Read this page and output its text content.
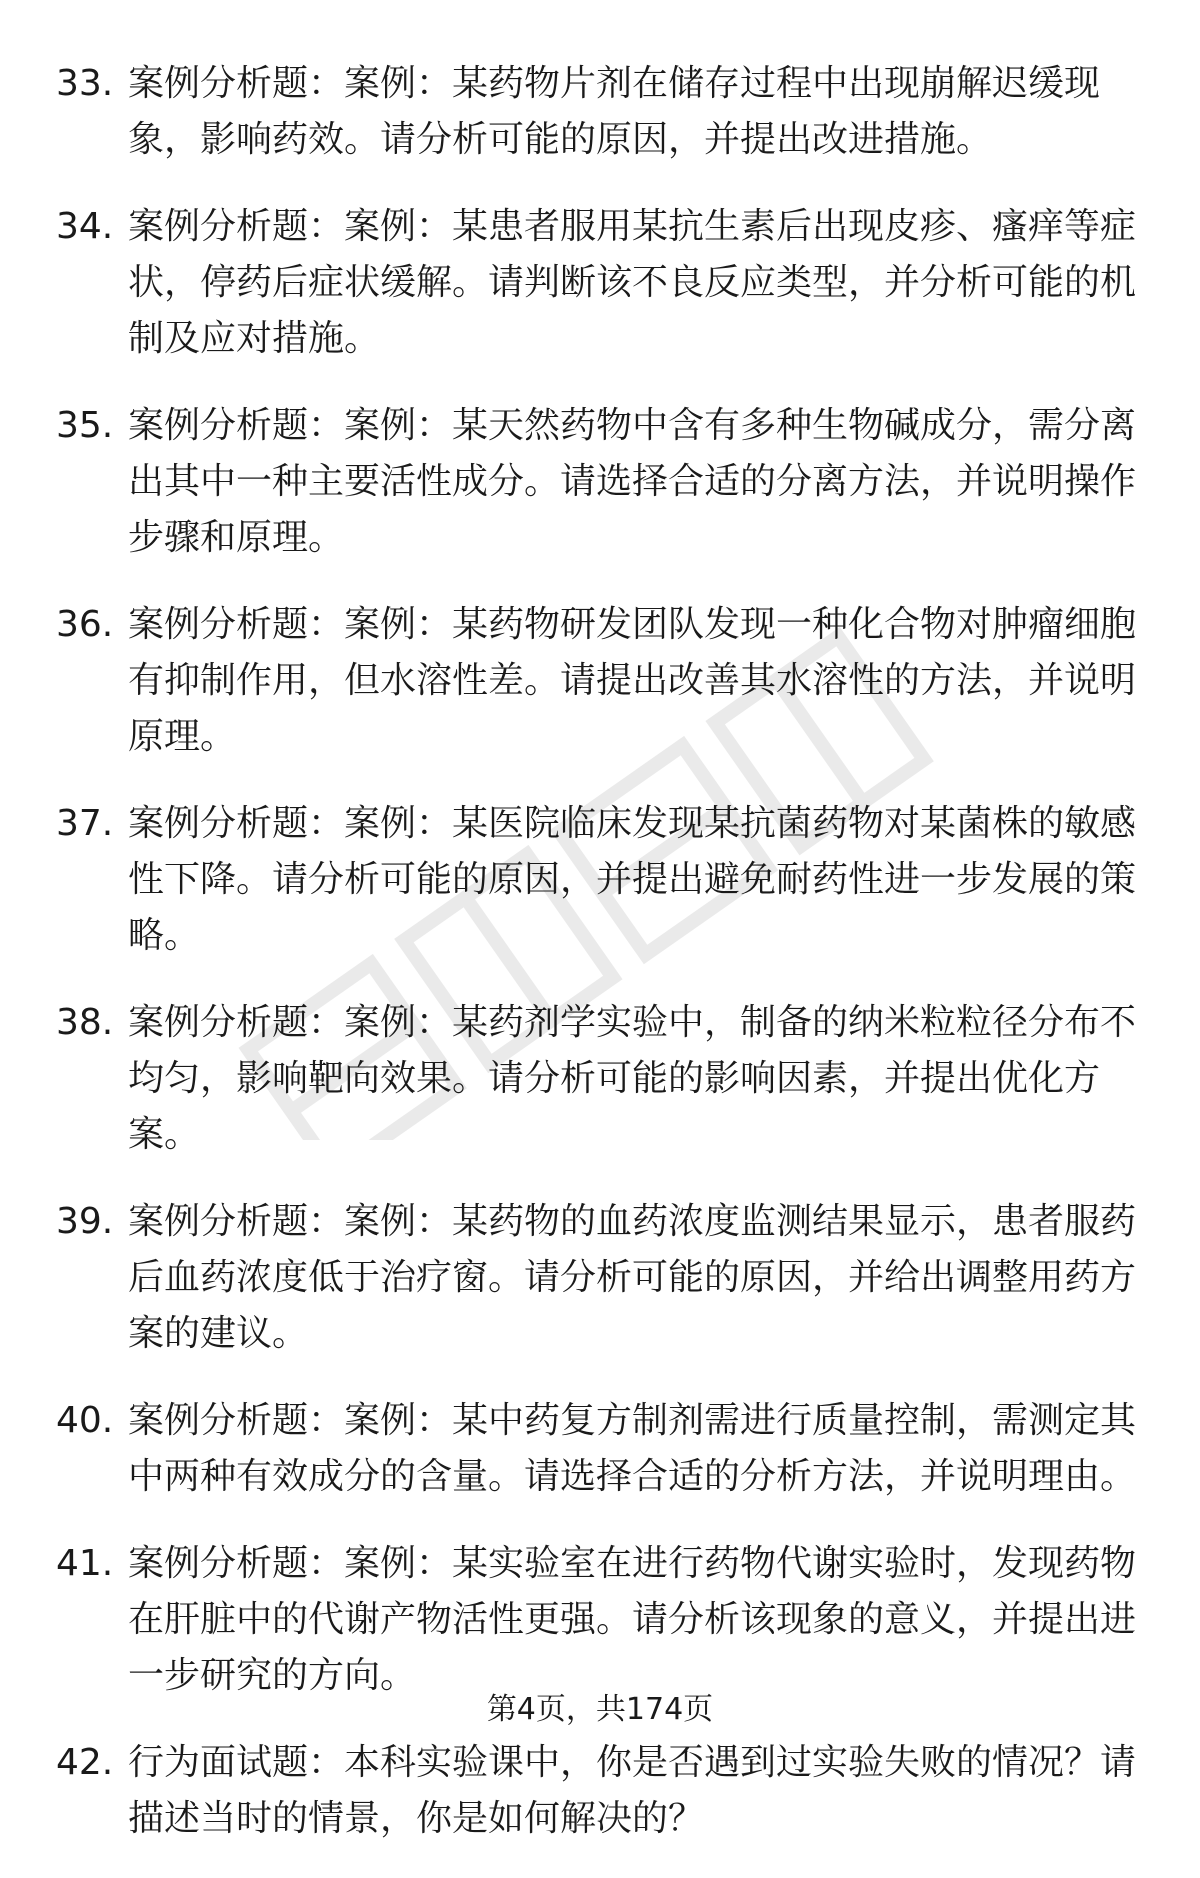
33. 案例分析题：案例：某药物片剂在储存过程中出现崩解迟缓现象，影响药效。请分析可能的原因，并提出改进措施。
34. 案例分析题：案例：某患者服用某抗生素后出现皮疹、瘙痒等症状，停药后症状缓解。请判断该不良反应类型，并分析可能的机制及应对措施。
35. 案例分析题：案例：某天然药物中含有多种生物碱成分，需分离出其中一种主要活性成分。请选择合适的分离方法，并说明操作步骤和原理。
36. 案例分析题：案例：某药物研发团队发现一种化合物对肿瘤细胞有抑制作用，但水溶性差。请提出改善其水溶性的方法，并说明原理。
37. 案例分析题：案例：某医院临床发现某抗菌药物对某菌株的敏感性下降。请分析可能的原因，并提出避免耐药性进一步发展的策略。
38. 案例分析题：案例：某药剂学实验中，制备的纳米粒粒径分布不均匀，影响靶向效果。请分析可能的影响因素，并提出优化方案。
39. 案例分析题：案例：某药物的血药浓度监测结果显示，患者服药后血药浓度低于治疗窗。请分析可能的原因，并给出调整用药方案的建议。
40. 案例分析题：案例：某中药复方制剂需进行质量控制，需测定其中两种有效成分的含量。请选择合适的分析方法，并说明理由。
41. 案例分析题：案例：某实验室在进行药物代谢实验时，发现药物在肝脏中的代谢产物活性更强。请分析该现象的意义，并提出进一步研究的方向。
42. 行为面试题：本科实验课中，你是否遇到过实验失败的情况？请描述当时的情景，你是如何解决的？
第4页，共174页
